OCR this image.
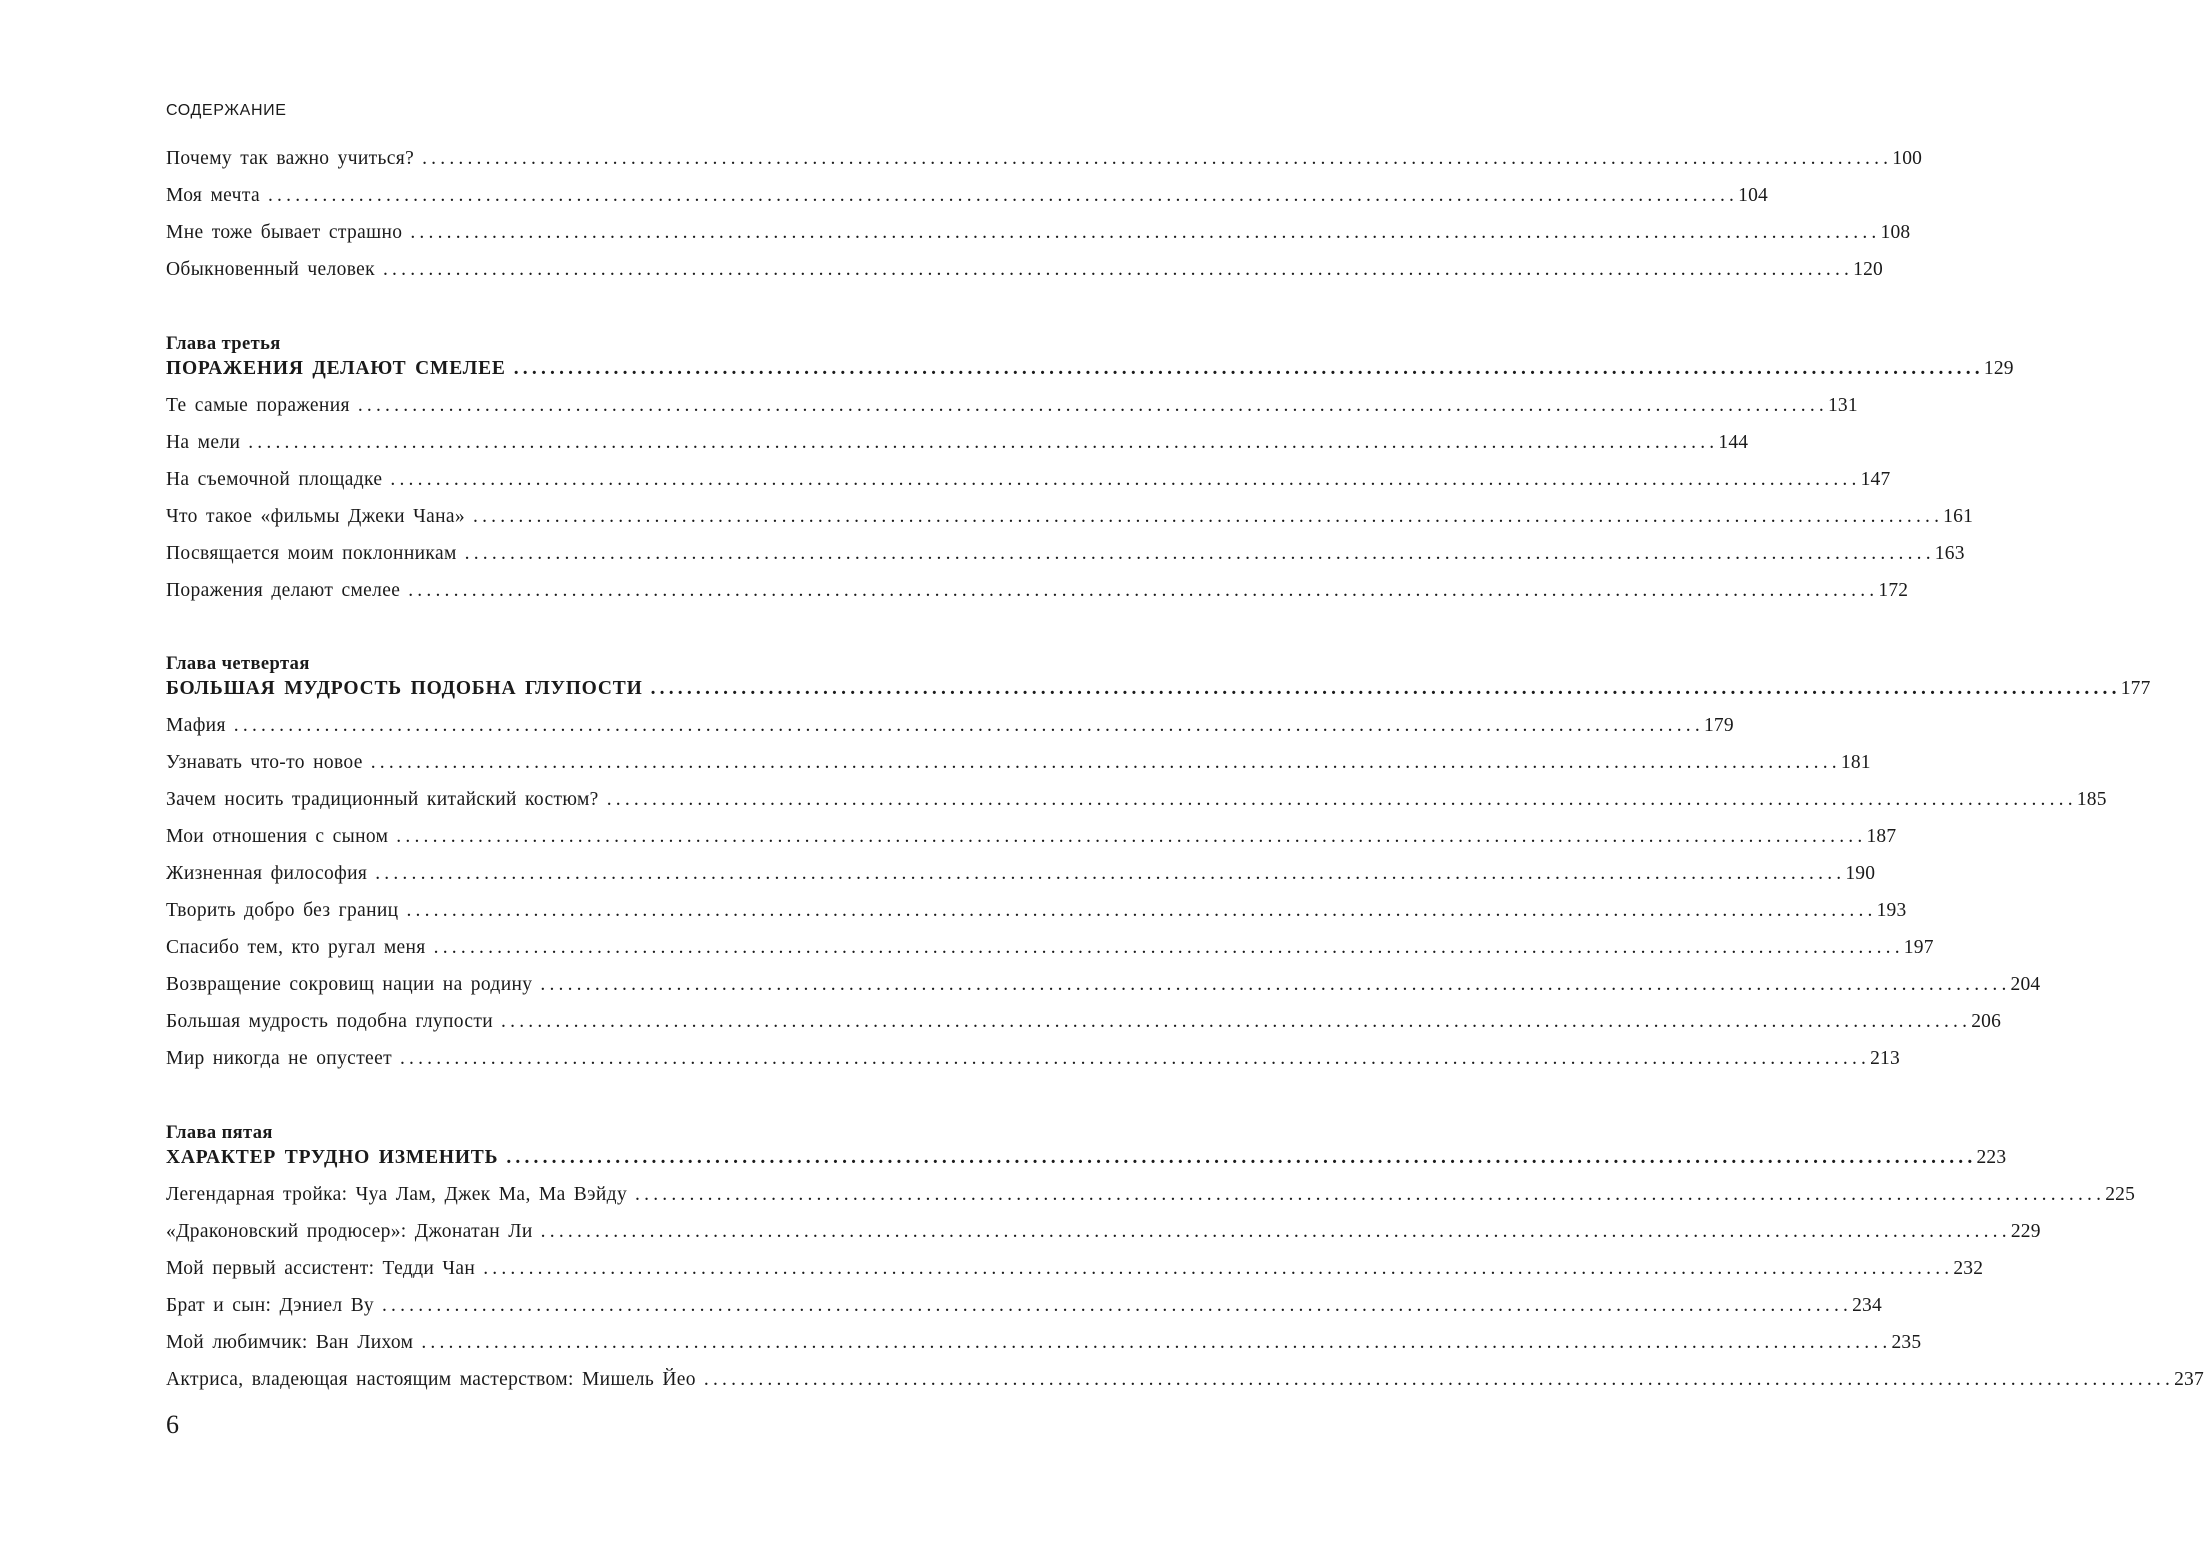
СОДЕРЖАНИЕ
Почему так важно учиться? .................................................................................................................................................................. 100
Моя мечта .................................................................................................................................................................. 104
Мне тоже бывает страшно .................................................................................................................................................................. 108
Обыкновенный человек .................................................................................................................................................................. 120
Глава третья
ПОРАЖЕНИЯ ДЕЛАЮТ СМЕЛЕЕ .................................................................................................................................................................. 129
Те самые поражения .................................................................................................................................................................. 131
На мели .................................................................................................................................................................. 144
На съемочной площадке .................................................................................................................................................................. 147
Что такое «фильмы Джеки Чана» .................................................................................................................................................................. 161
Посвящается моим поклонникам .................................................................................................................................................................. 163
Поражения делают смелее .................................................................................................................................................................. 172
Глава четвертая
БОЛЬШАЯ МУДРОСТЬ ПОДОБНА ГЛУПОСТИ .................................................................................................................................................................. 177
Мафия .................................................................................................................................................................. 179
Узнавать что-то новое .................................................................................................................................................................. 181
Зачем носить традиционный китайский костюм? .................................................................................................................................................................. 185
Мои отношения с сыном .................................................................................................................................................................. 187
Жизненная философия .................................................................................................................................................................. 190
Творить добро без границ .................................................................................................................................................................. 193
Спасибо тем, кто ругал меня .................................................................................................................................................................. 197
Возвращение сокровищ нации на родину .................................................................................................................................................................. 204
Большая мудрость подобна глупости .................................................................................................................................................................. 206
Мир никогда не опустеет .................................................................................................................................................................. 213
Глава пятая
ХАРАКТЕР ТРУДНО ИЗМЕНИТЬ .................................................................................................................................................................. 223
Легендарная тройка: Чуа Лам, Джек Ма, Ма Вэйду .................................................................................................................................................................. 225
«Драконовский продюсер»: Джонатан Ли .................................................................................................................................................................. 229
Мой первый ассистент: Тедди Чан .................................................................................................................................................................. 232
Брат и сын: Дэниел Ву .................................................................................................................................................................. 234
Мой любимчик: Ван Лихом .................................................................................................................................................................. 235
Актриса, владеющая настоящим мастерством: Мишель Йео .................................................................................................................................................................. 237
6
